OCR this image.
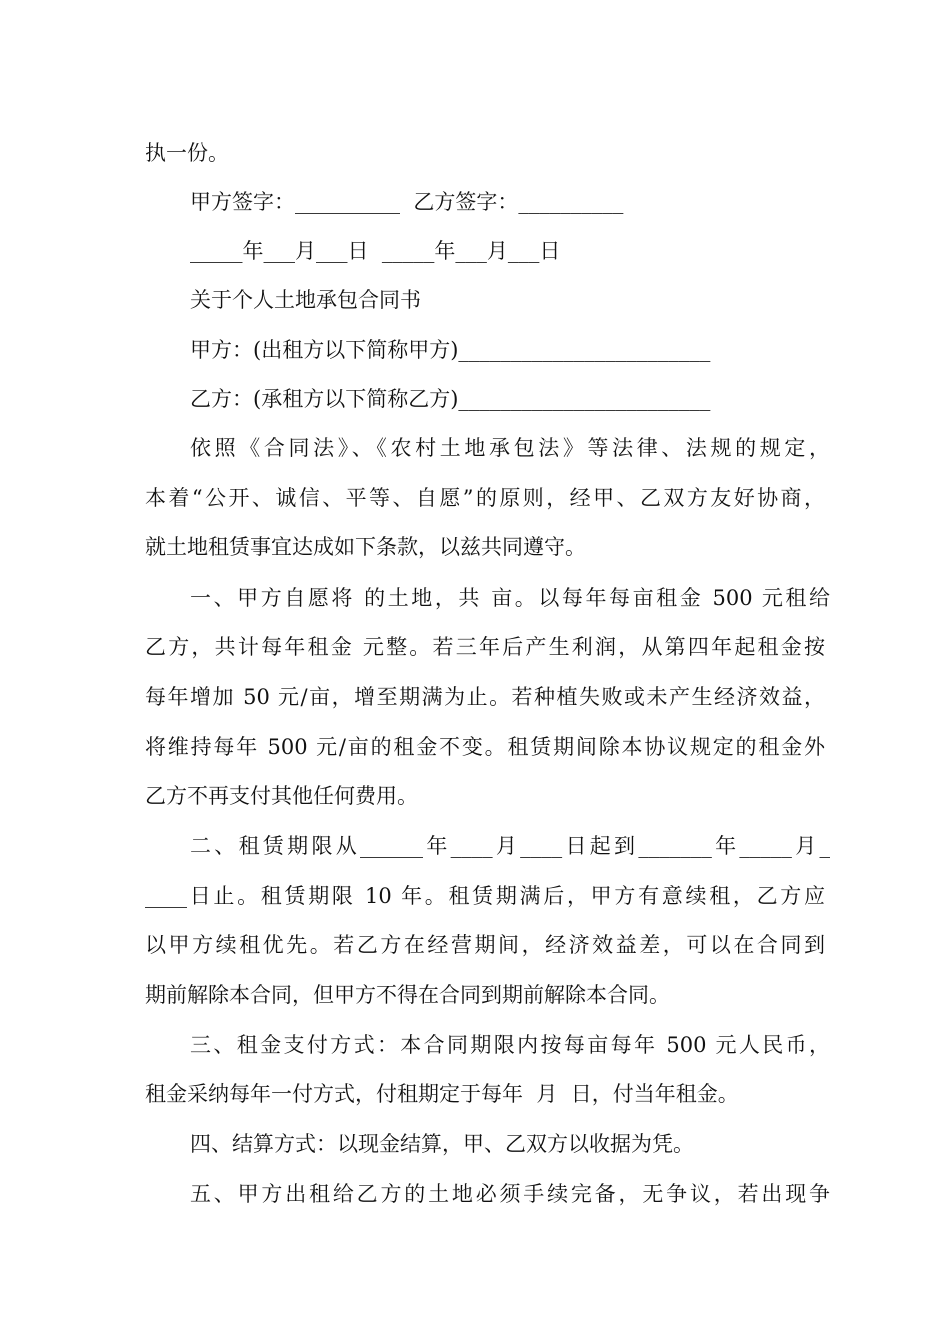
执一份。
甲方签字：__________  乙方签字：__________
_____年___月___日  _____年___月___日
关于个人土地承包合同书
甲方：(出租方以下简称甲方)________________________
乙方：(承租方以下简称乙方)________________________
依照《合同法》、《农村土地承包法》等法律、法规的规定，
本着“公开、诚信、平等、自愿”的原则，经甲、乙双方友好协商，
就土地租赁事宜达成如下条款，以兹共同遵守。
一、甲方自愿将 的土地，共 亩。以每年每亩租金 500 元租给
乙方，共计每年租金 元整。若三年后产生利润，从第四年起租金按
每年增加 50 元/亩，增至期满为止。若种植失败或未产生经济效益，
将维持每年 500 元/亩的租金不变。租赁期间除本协议规定的租金外
乙方不再支付其他任何费用。
二、租赁期限从______年____月____日起到_______年_____月_
____日止。租赁期限 10 年。租赁期满后，甲方有意续租，乙方应
以甲方续租优先。若乙方在经营期间，经济效益差，可以在合同到
期前解除本合同，但甲方不得在合同到期前解除本合同。
三、租金支付方式：本合同期限内按每亩每年 500 元人民币，
租金采纳每年一付方式，付租期定于每年  月  日，付当年租金。
四、结算方式：以现金结算，甲、乙双方以收据为凭。
五、甲方出租给乙方的土地必须手续完备，无争议，若出现争
